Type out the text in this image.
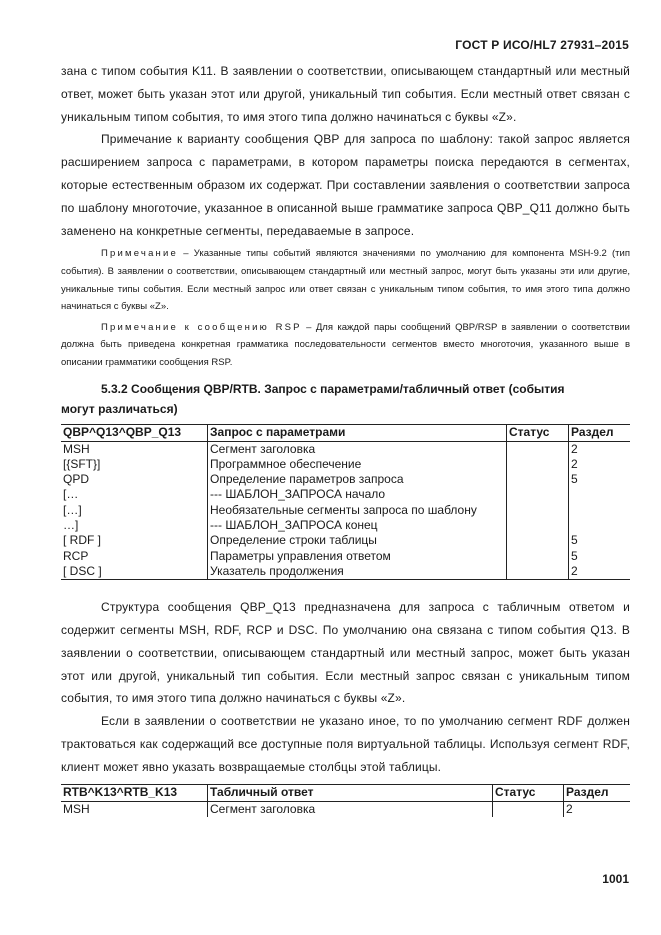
ГОСТ Р ИСО/HL7 27931–2015

зана с типом события K11. В заявлении о соответствии, описывающем стандартный или местный ответ, может быть указан этот или другой, уникальный тип события. Если местный ответ связан с уникальным типом события, то имя этого типа должно начинаться с буквы «Z».

Примечание к варианту сообщения QBP для запроса по шаблону: такой запрос является расширением запроса с параметрами, в котором параметры поиска передаются в сегментах, которые естественным образом их содержат. При составлении заявления о соответствии запроса по шаблону многоточие, указанное в описанной выше грамматике запроса QBP_Q11 должно быть заменено на конкретные сегменты, передаваемые в запросе.

Примечание – Указанные типы событий являются значениями по умолчанию для компонента MSH-9.2 (тип события). В заявлении о соответствии, описывающем стандартный или местный запрос, могут быть указаны эти или другие, уникальные типы события. Если местный запрос или ответ связан с уникальным типом события, то имя этого типа должно начинаться с буквы «Z».

Примечание к сообщению RSP – Для каждой пары сообщений QBP/RSP в заявлении о соответствии должна быть приведена конкретная грамматика последовательности сегментов вместо многоточия, указанного выше в описании грамматики сообщения RSP.

5.3.2 Сообщения QBP/RTB. Запрос с параметрами/табличный ответ (события
могут различаться)

QBP^Q13^QBP_Q13	Запрос с параметрами	Статус	Раздел
MSH	Сегмент заголовка		2
[{SFT}]	Программное обеспечение		2
QPD	Определение параметров запроса		5
[…	--- ШАБЛОН_ЗАПРОСА начало		
[…]	Необязательные сегменты запроса по шаблону		
…]	--- ШАБЛОН_ЗАПРОСА конец		
[ RDF ]	Определение строки таблицы		5
RCP	Параметры управления ответом		5
[ DSC ]	Указатель продолжения		2

Структура сообщения QBP_Q13 предназначена для запроса с табличным ответом и содержит сегменты MSH, RDF, RCP и DSC. По умолчанию она связана с типом события Q13. В заявлении о соответствии, описывающем стандартный или местный запрос, может быть указан этот или другой, уникальный тип события. Если местный запрос связан с уникальным типом события, то имя этого типа должно начинаться с буквы «Z».

Если в заявлении о соответствии не указано иное, то по умолчанию сегмент RDF должен трактоваться как содержащий все доступные поля виртуальной таблицы. Используя сегмент RDF, клиент может явно указать возвращаемые столбцы этой таблицы.

RTB^K13^RTB_K13	Табличный ответ	Статус	Раздел
MSH	Сегмент заголовка		2
1001
